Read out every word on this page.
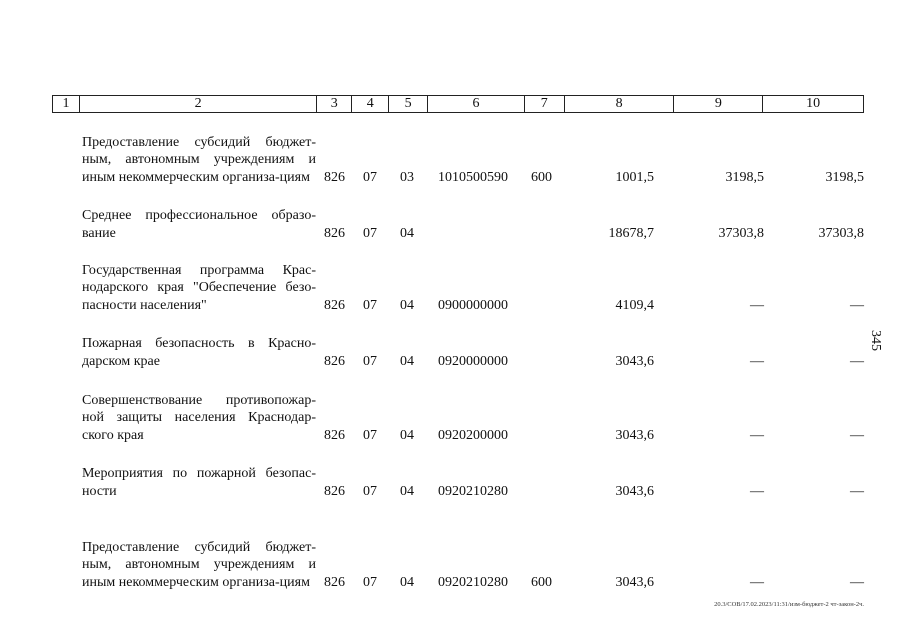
1	2	3	4	5	6	7	8	9	10
Предоставление субсидий бюджет-ным, автономным учреждениям и иным некоммерческим организа-циям	826 07 03 1010500590 600	1001,5	3198,5	3198,5
Среднее профессиональное образо-вание	826 07 04	18678,7	37303,8	37303,8
Государственная программа Крас-нодарского края "Обеспечение безо-пасности населения"	826 07 04 0900000000	4109,4	—	—
Пожарная безопасность в Красно-дарском крае	826 07 04 0920000000	3043,6	—	—
Совершенствование противопожар-ной защиты населения Краснодар-ского края	826 07 04 0920200000	3043,6	—	—
Мероприятия по пожарной безопас-ности	826 07 04 0920210280	3043,6	—	—
Предоставление субсидий бюджет-ным, автономным учреждениям и иным некоммерческим организа-циям	826 07 04 0920210280 600	3043,6	—	—
345
20.3/СОВ/17.02.2023/11:31/изм-бюджет-2 чт-закон-2ч.
